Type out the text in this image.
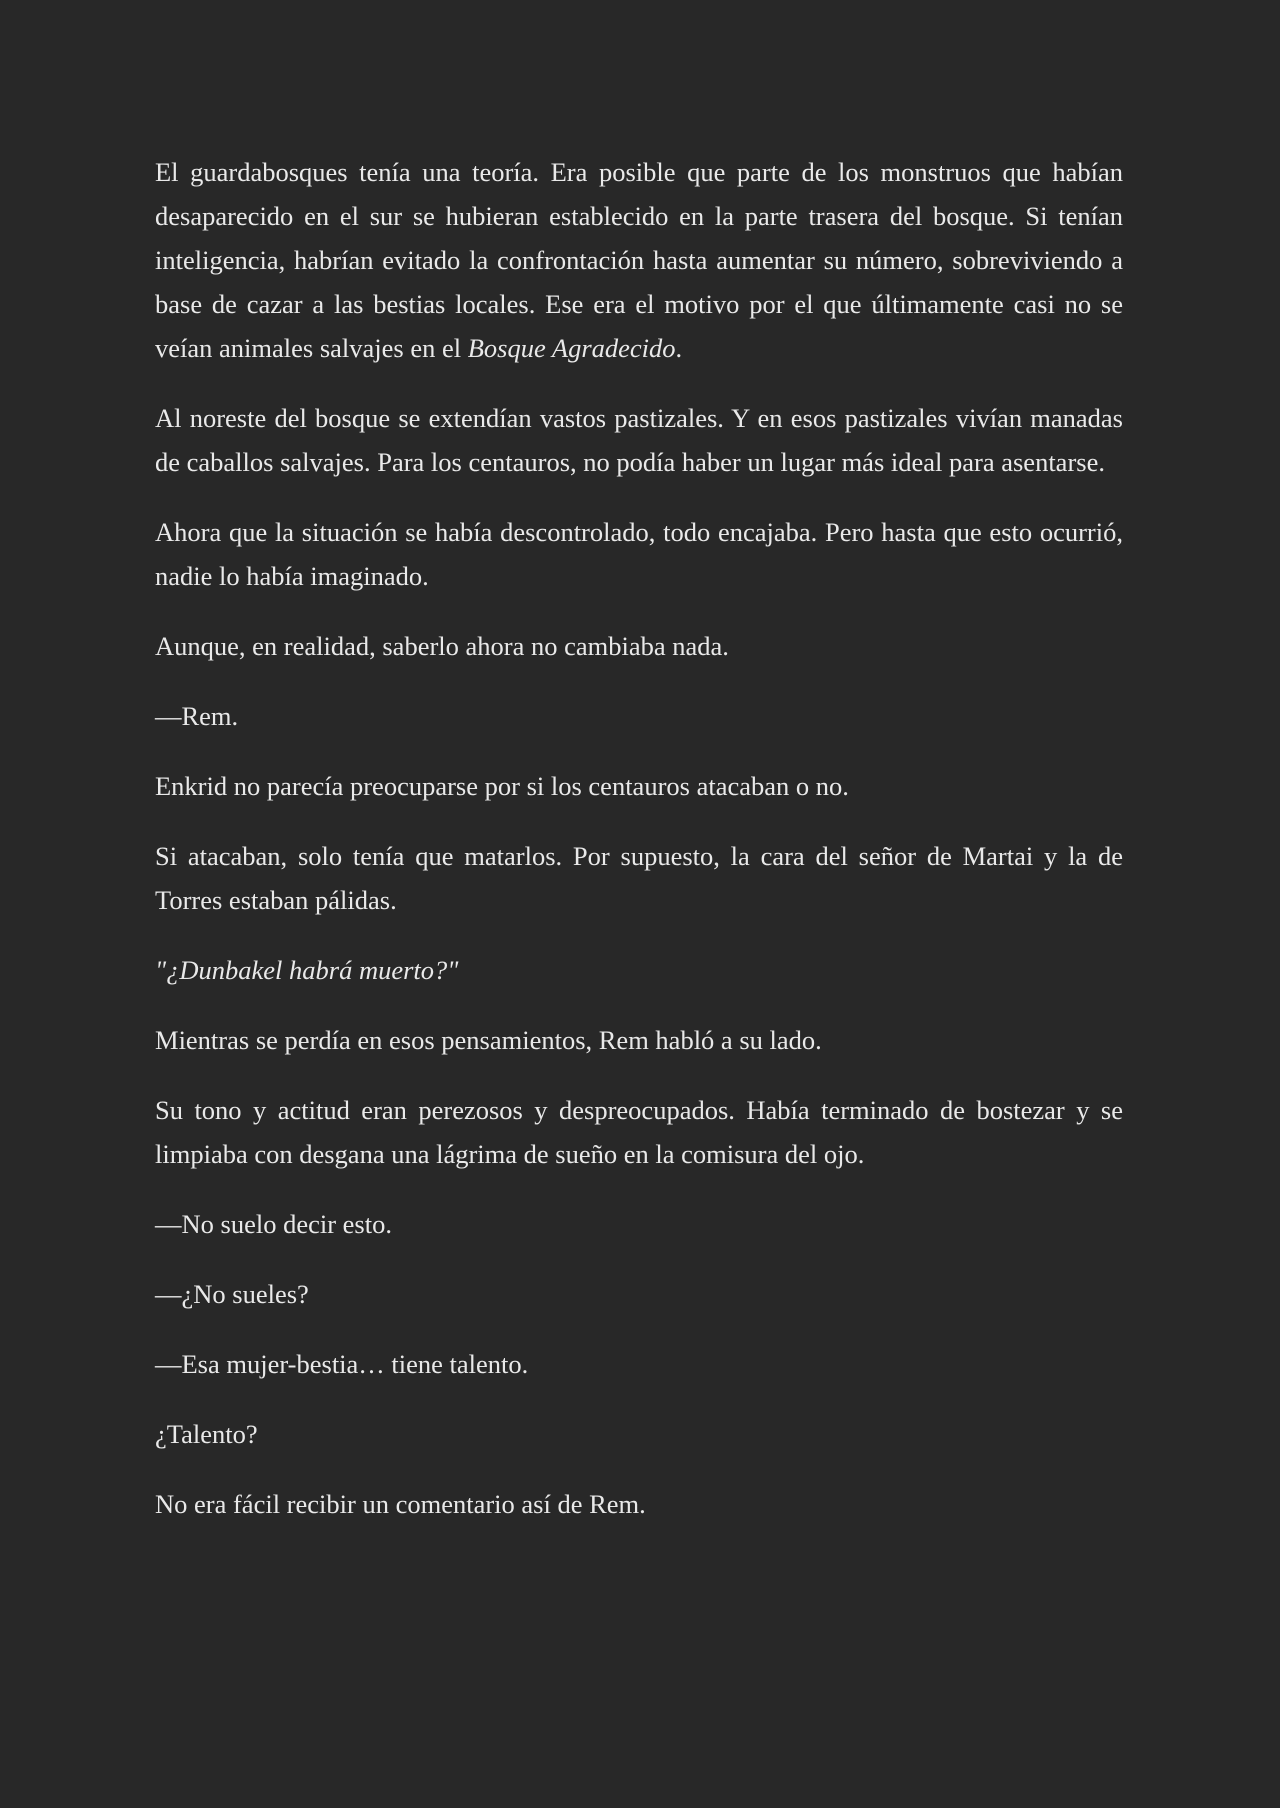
El guardabosques tenía una teoría. Era posible que parte de los monstruos que habían desaparecido en el sur se hubieran establecido en la parte trasera del bosque. Si tenían inteligencia, habrían evitado la confrontación hasta aumentar su número, sobreviviendo a base de cazar a las bestias locales. Ese era el motivo por el que últimamente casi no se veían animales salvajes en el Bosque Agradecido.

Al noreste del bosque se extendían vastos pastizales. Y en esos pastizales vivían manadas de caballos salvajes. Para los centauros, no podía haber un lugar más ideal para asentarse.

Ahora que la situación se había descontrolado, todo encajaba. Pero hasta que esto ocurrió, nadie lo había imaginado.

Aunque, en realidad, saberlo ahora no cambiaba nada.

—Rem.

Enkrid no parecía preocuparse por si los centauros atacaban o no.

Si atacaban, solo tenía que matarlos. Por supuesto, la cara del señor de Martai y la de Torres estaban pálidas.

"¿Dunbakel habrá muerto?"

Mientras se perdía en esos pensamientos, Rem habló a su lado.

Su tono y actitud eran perezosos y despreocupados. Había terminado de bostezar y se limpiaba con desgana una lágrima de sueño en la comisura del ojo.

—No suelo decir esto.

—¿No sueles?

—Esa mujer-bestia… tiene talento.

¿Talento?

No era fácil recibir un comentario así de Rem.
